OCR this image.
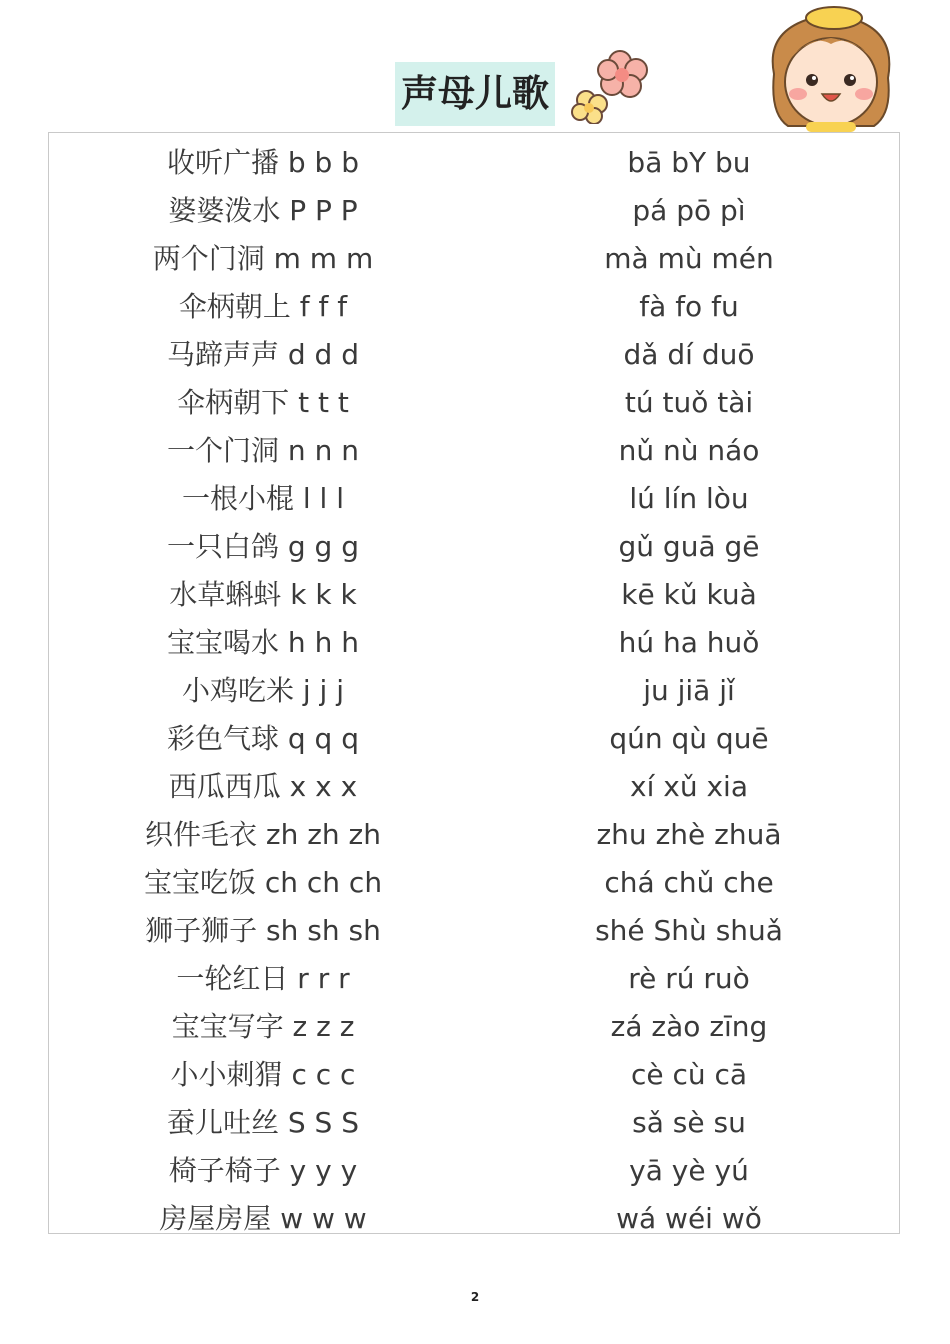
声母儿歌
收听广播 b b b	bā bY bu
婆婆泼水 P P P	pá pō pì
两个门洞 m m m	mà mù mén
伞柄朝上 f f f	fà fo fu
马蹄声声 d d d	dǎ dí duō
伞柄朝下 t t t	tú tuǒ tài
一个门洞 n n n	nǔ nù náo
一根小棍 l l l	lú lín lòu
一只白鸽 g g g	gǔ guā gē
水草蝌蚪 k k k	kē kǔ kuà
宝宝喝水 h h h	hú ha huǒ
小鸡吃米 j j j	ju jiā jǐ
彩色气球 q q q	qún qù quē
西瓜西瓜 x x x	xí xǔ xia
织件毛衣 zh zh zh	zhu zhè zhuā
宝宝吃饭 ch ch ch	chá chǔ che
狮子狮子 sh sh sh	shé Shù shuǎ
一轮红日 r r r	rè rú ruò
宝宝写字 z z z	zá zào zīng
小小刺猬 c c c	cè cù cā
蚕儿吐丝 S S S	sǎ sè su
椅子椅子 y y y	yā yè yú
房屋房屋 w w w	wá wéi wǒ
2
